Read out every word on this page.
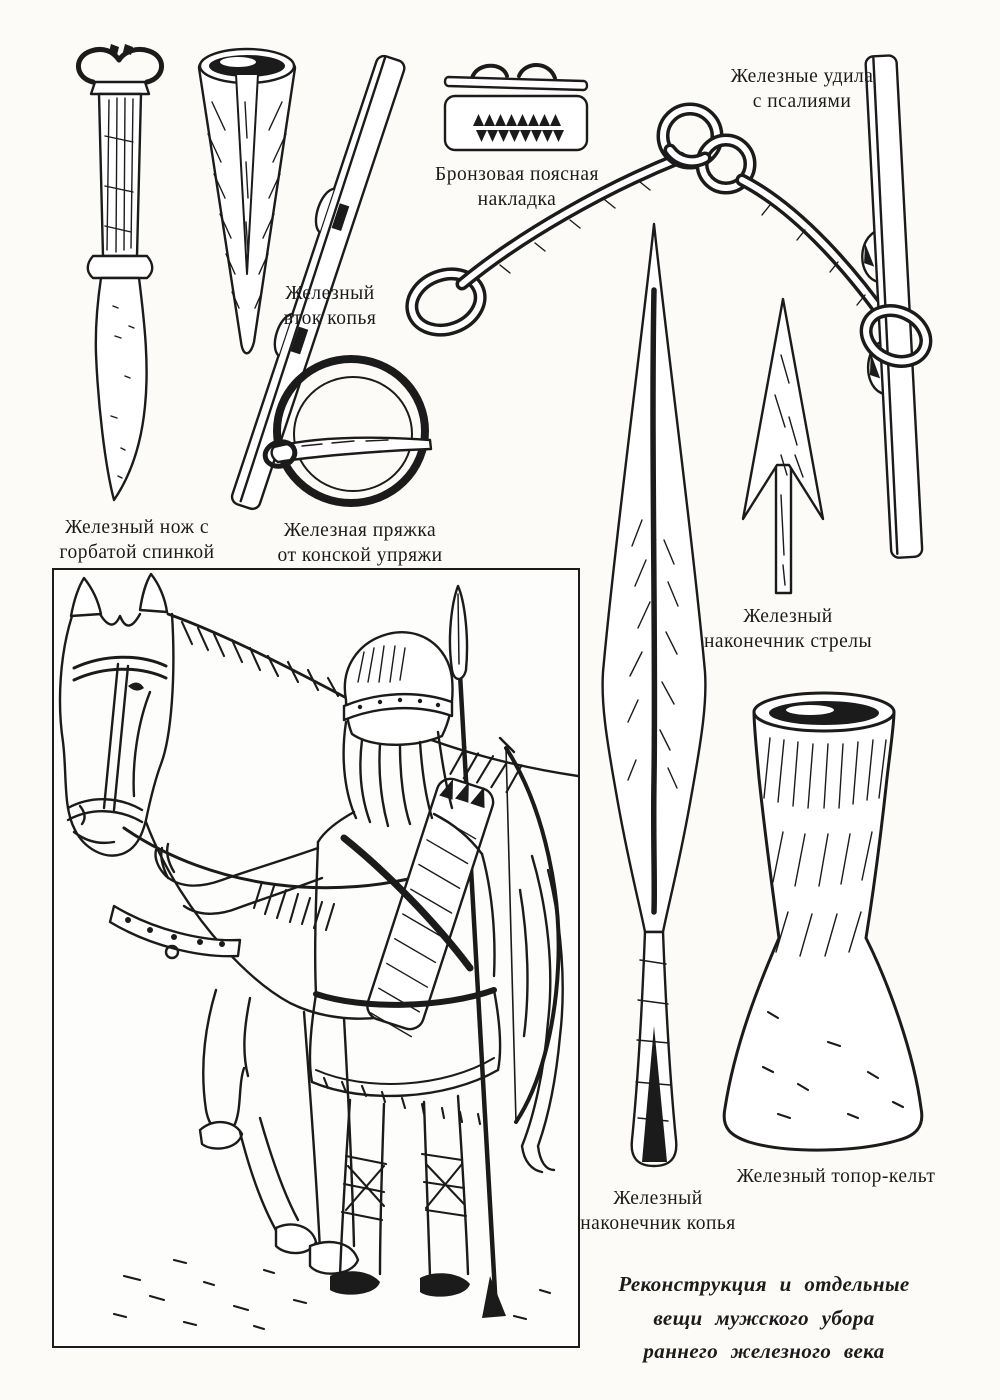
Железные удила
с псалиями
Бронзовая поясная
накладка
Железный
вток копья
Железный нож с
горбатой спинкой
Железная пряжка
от конской упряжи
Железный
наконечник стрелы
Железный
наконечник копья
Железный топор-кельт
Реконструкция и отдельные
вещи мужского убора
раннего железного века
